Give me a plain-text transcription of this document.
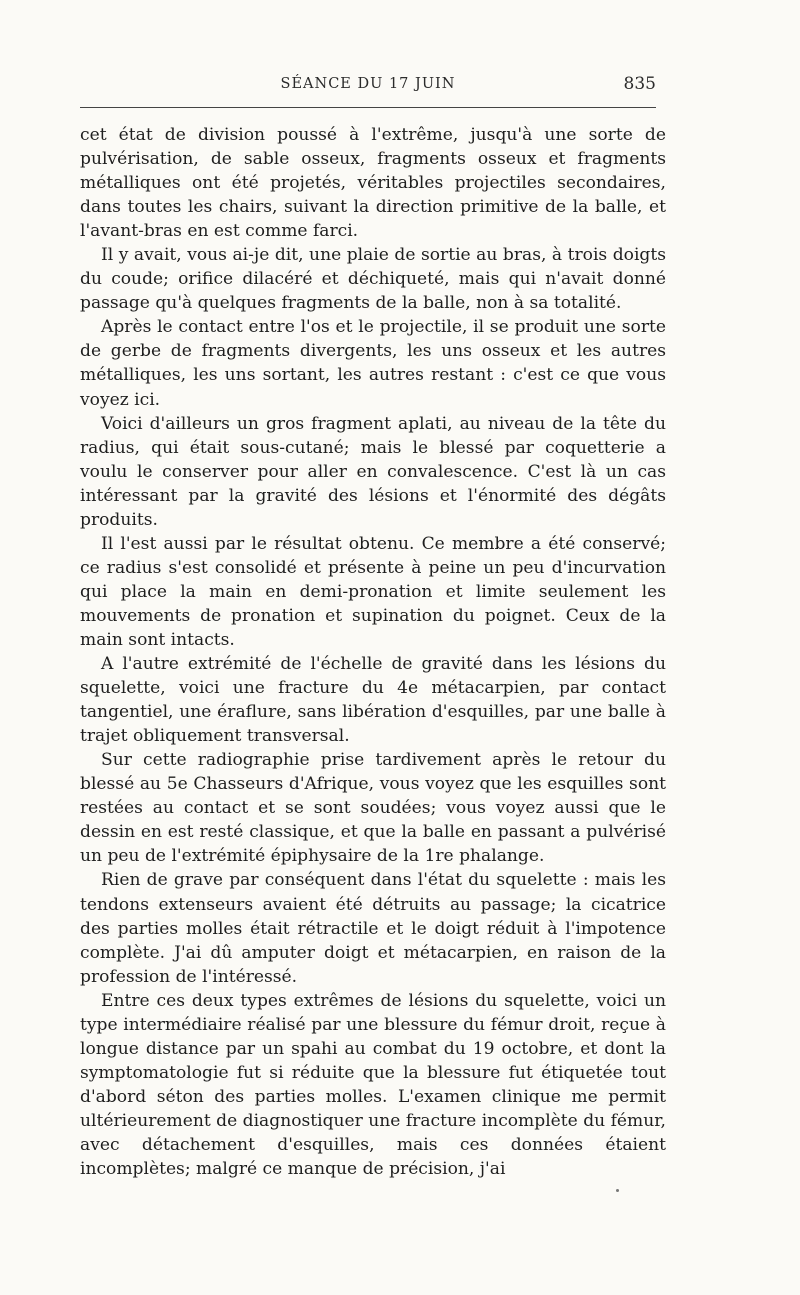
SÉANCE DU 17 JUIN	835

cet état de division poussé à l'extrême, jusqu'à une sorte de pulvérisation, de sable osseux, fragments osseux et fragments métalliques ont été projetés, véritables projectiles secondaires, dans toutes les chairs, suivant la direction primitive de la balle, et l'avant-bras en est comme farci.

Il y avait, vous ai-je dit, une plaie de sortie au bras, à trois doigts du coude; orifice dilacéré et déchiqueté, mais qui n'avait donné passage qu'à quelques fragments de la balle, non à sa totalité.

Après le contact entre l'os et le projectile, il se produit une sorte de gerbe de fragments divergents, les uns osseux et les autres métalliques, les uns sortant, les autres restant : c'est ce que vous voyez ici.

Voici d'ailleurs un gros fragment aplati, au niveau de la tête du radius, qui était sous-cutané; mais le blessé par coquetterie a voulu le conserver pour aller en convalescence. C'est là un cas intéressant par la gravité des lésions et l'énormité des dégâts produits.

Il l'est aussi par le résultat obtenu. Ce membre a été conservé; ce radius s'est consolidé et présente à peine un peu d'incurvation qui place la main en demi-pronation et limite seulement les mouvements de pronation et supination du poignet. Ceux de la main sont intacts.

A l'autre extrémité de l'échelle de gravité dans les lésions du squelette, voici une fracture du 4e métacarpien, par contact tangentiel, une éraflure, sans libération d'esquilles, par une balle à trajet obliquement transversal.

Sur cette radiographie prise tardivement après le retour du blessé au 5e Chasseurs d'Afrique, vous voyez que les esquilles sont restées au contact et se sont soudées; vous voyez aussi que le dessin en est resté classique, et que la balle en passant a pulvérisé un peu de l'extrémité épiphysaire de la 1re phalange.

Rien de grave par conséquent dans l'état du squelette : mais les tendons extenseurs avaient été détruits au passage; la cicatrice des parties molles était rétractile et le doigt réduit à l'impotence complète. J'ai dû amputer doigt et métacarpien, en raison de la profession de l'intéressé.

Entre ces deux types extrêmes de lésions du squelette, voici un type intermédiaire réalisé par une blessure du fémur droit, reçue à longue distance par un spahi au combat du 19 octobre, et dont la symptomatologie fut si réduite que la blessure fut étiquetée tout d'abord séton des parties molles. L'examen clinique me permit ultérieurement de diagnostiquer une fracture incomplète du fémur, avec détachement d'esquilles, mais ces données étaient incomplètes; malgré ce manque de précision, j'ai
